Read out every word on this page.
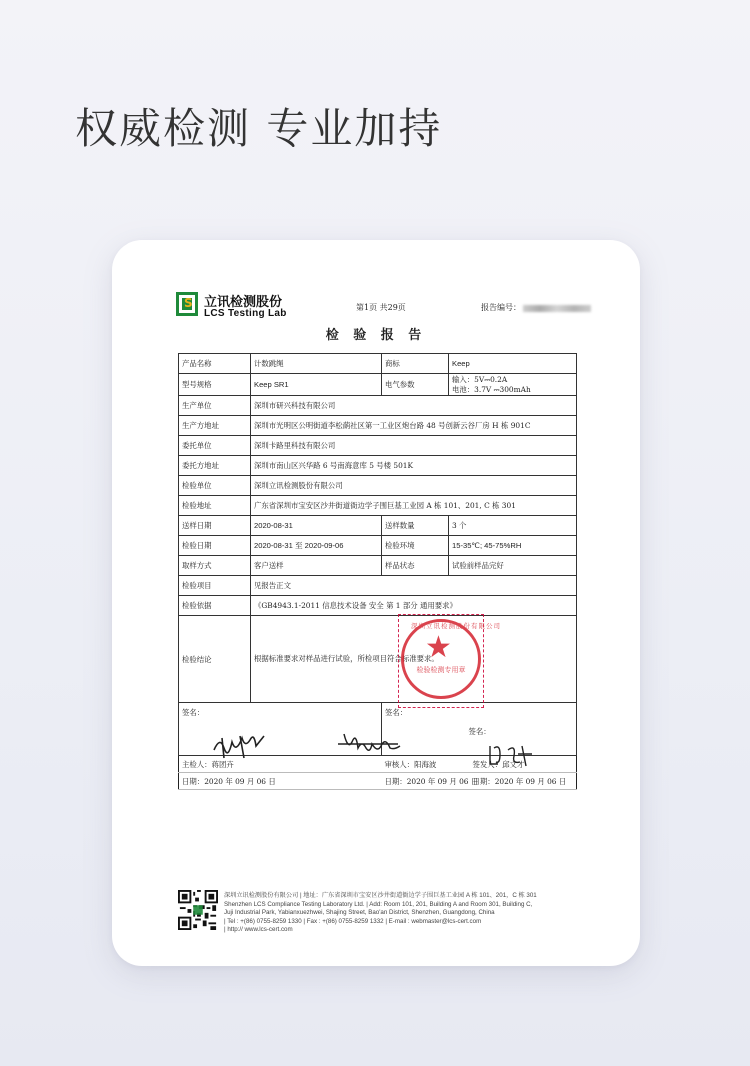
权威检测 专业加持
S 立讯检测股份
LCS Testing Lab
第1页 共29页	报告编号：
检 验 报 告
产品名称	计数跳绳	商标	Keep
型号规格	Keep SR1	电气参数	输入：5V⎓0.2A
电池：3.7V ⎓300mAh

生产单位	深圳市研兴科技有限公司		
生产方地址	深圳市光明区公明街道李松蓢社区第一工业区炮台路 48 号创新云谷厂房 H 栋 901C		
委托单位	深圳卡路里科技有限公司		
委托方地址	深圳市南山区兴华路 6 号南海意库 5 号楼 501K		
检验单位	深圳立讯检测股份有限公司		
检验地址	广东省深圳市宝安区沙井街道衙边学子围巨基工业园 A 栋 101、201, C 栋 301		
送样日期	2020-08-31	送样数量	3 个
检验日期	2020-08-31 至 2020-09-06	检验环境	15-35℃; 45-75%RH
取样方式	客户送样	样品状态	试验前样品完好
检验项目	见报告正文		
检验依据	《GB4943.1-2011 信息技术设备 安全 第 1 部分 通用要求》		
检验结论	根据标准要求对样品进行试验，所检项目符合标准要求。		
签名：		签名：	签名：
主检人：蒋团卉		审核人：阳海波	签发人：邱文才
日期：2020 年 09 月 06 日		日期：2020 年 09 月 06 日	日期：2020 年 09 月 06 日
深圳立讯检测股份有限公司
★
检验检测专用章
深圳立讯检测股份有限公司 | 地址：广东省深圳市宝安区沙井街道衙边学子围巨基工业园 A 栋 101、201，C 栋 301
Shenzhen LCS Compliance Testing Laboratory Ltd. | Add: Room 101, 201, Building A and Room 301, Building C,
Juji Industrial Park, Yabianxuezhwei, Shajing Street, Bao'an District, Shenzhen, Guangdong, China
| Tel : +(86) 0755-8259 1330 | Fax : +(86) 0755-8259 1332 | E-mail : webmaster@lcs-cert.com
| http:// www.lcs-cert.com
